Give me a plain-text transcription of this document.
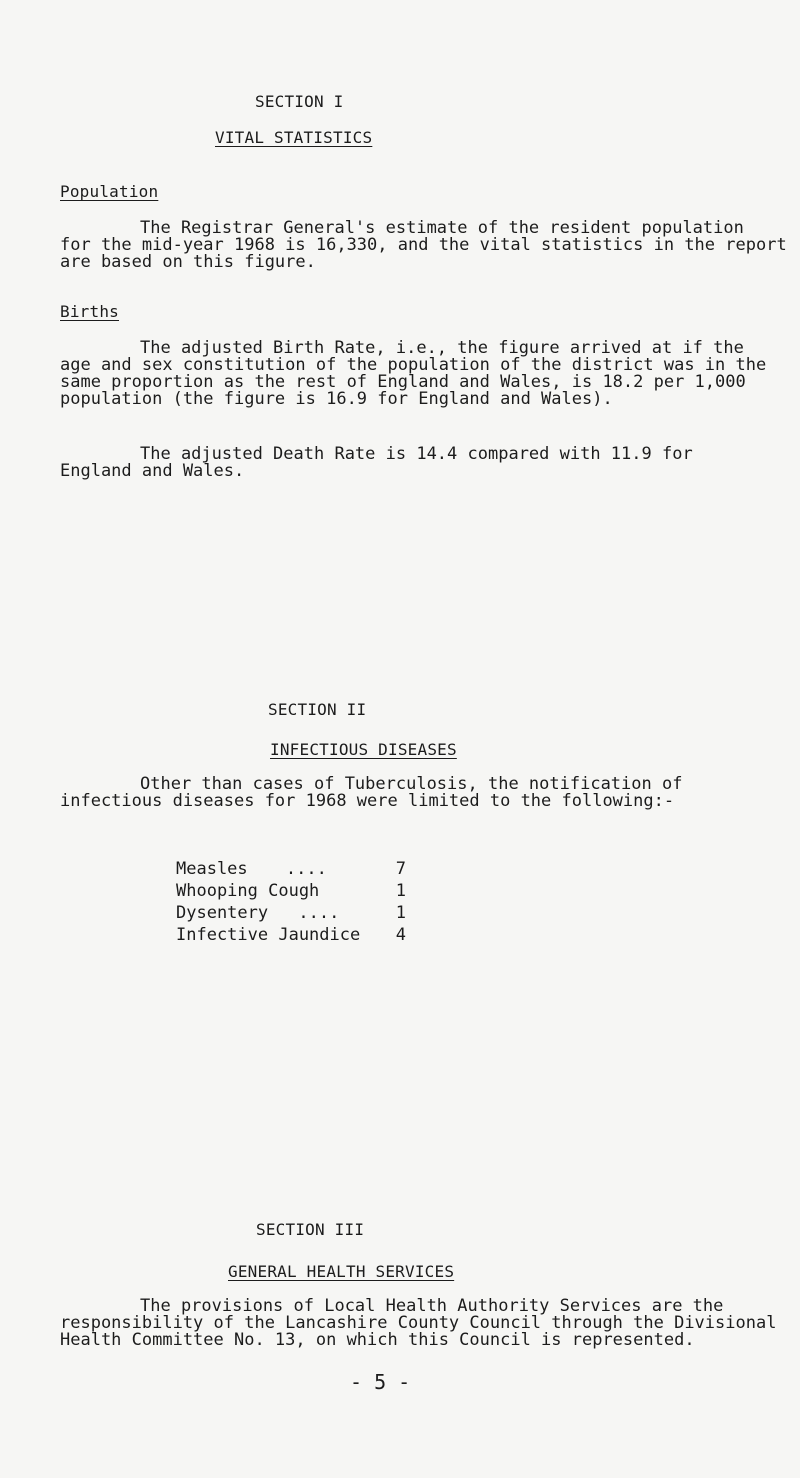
SECTION I
VITAL STATISTICS
Population
The Registrar General's estimate of the resident population
for the mid-year 1968 is 16,330, and the vital statistics in the report
are based on this figure.
Births
The adjusted Birth Rate, i.e., the figure arrived at if the
age and sex constitution of the population of the district was in the
same proportion as the rest of England and Wales, is 18.2 per 1,000
population (the figure is 16.9 for England and Wales).
The adjusted Death Rate is 14.4 compared with 11.9 for
England and Wales.
SECTION II
INFECTIOUS DISEASES
Other than cases of Tuberculosis, the notification of
infectious diseases for 1968 were limited to the following:-
Measles ....	7
Whooping Cough	1
Dysentery ....	1
Infective Jaundice	4
SECTION III
GENERAL HEALTH SERVICES
The provisions of Local Health Authority Services are the
responsibility of the Lancashire County Council through the Divisional
Health Committee No. 13, on which this Council is represented.
- 5 -
